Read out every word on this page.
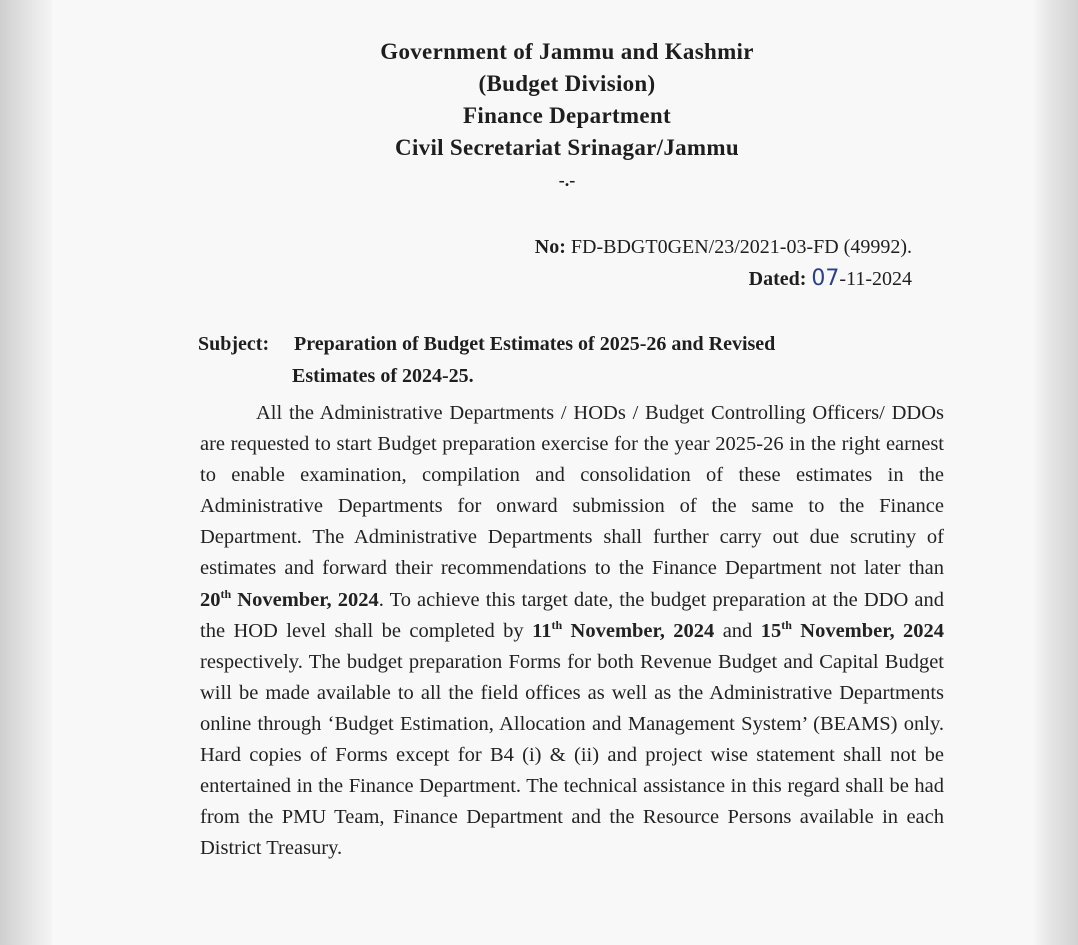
Government of Jammu and Kashmir
(Budget Division)
Finance Department
Civil Secretariat Srinagar/Jammu
-.-
No: FD-BDGT0GEN/23/2021-03-FD (49992).
Dated: 07-11-2024
Subject: Preparation of Budget Estimates of 2025-26 and Revised
Estimates of 2024-25.
All the Administrative Departments / HODs / Budget Controlling Officers/ DDOs are requested to start Budget preparation exercise for the year 2025-26 in the right earnest to enable examination, compilation and consolidation of these estimates in the Administrative Departments for onward submission of the same to the Finance Department. The Administrative Departments shall further carry out due scrutiny of estimates and forward their recommendations to the Finance Department not later than 20th November, 2024. To achieve this target date, the budget preparation at the DDO and the HOD level shall be completed by 11th November, 2024 and 15th November, 2024 respectively. The budget preparation Forms for both Revenue Budget and Capital Budget will be made available to all the field offices as well as the Administrative Departments online through ‘Budget Estimation, Allocation and Management System’ (BEAMS) only. Hard copies of Forms except for B4 (i) & (ii) and project wise statement shall not be entertained in the Finance Department. The technical assistance in this regard shall be had from the PMU Team, Finance Department and the Resource Persons available in each District Treasury.
